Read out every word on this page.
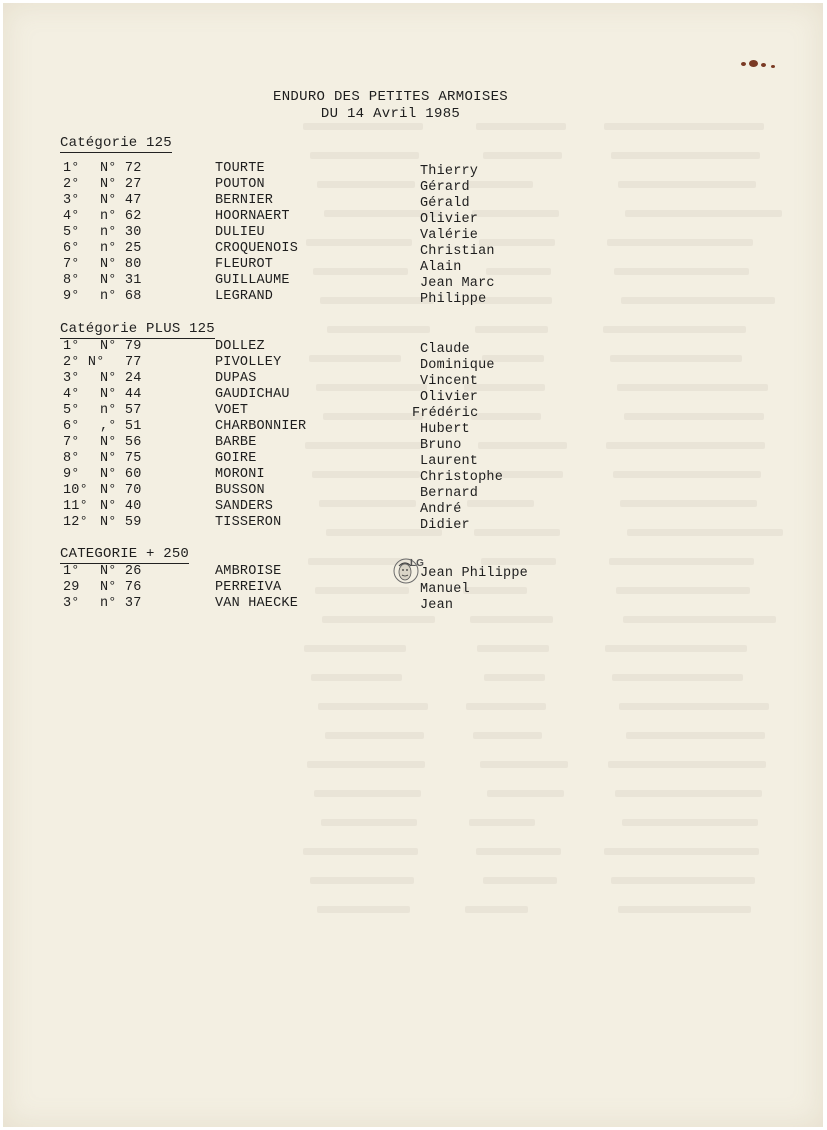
ENDURO DES PETITES ARMOISES
DU 14 Avril 1985
Catégorie 125
1° N° 72	TOURTE	Thierry
2° N° 27	POUTON	Gérard
3° N° 47	BERNIER	Gérald
4° n° 62	HOORNAERT	Olivier
5° n° 30	DULIEU	Valérie
6° n° 25	CROQUENOIS	Christian
7° N° 80	FLEUROT	Alain
8° N° 31	GUILLAUME	Jean Marc
9° n° 68	LEGRAND	Philippe
Catégorie PLUS 125
1° N° 79	DOLLEZ	Claude
2° N° 77	PIVOLLEY	Dominique
3° N° 24	DUPAS	Vincent
4° N° 44	GAUDICHAU	Olivier
5° n° 57	VOET	Frédéric
6° ,° 51	CHARBONNIER	Hubert
7° N° 56	BARBE	Bruno
8° N° 75	GOIRE	Laurent
9° N° 60	MORONI	Christophe
10° N° 70	BUSSON	Bernard
11° N° 40	SANDERS	André
12° N° 59	TISSERON	Didier
CATEGORIE + 250
1° N° 26	AMBROISE	Jean Philippe
29 N° 76	PERREIVA	Manuel
3° n° 37	VAN HAECKE	Jean
LG
